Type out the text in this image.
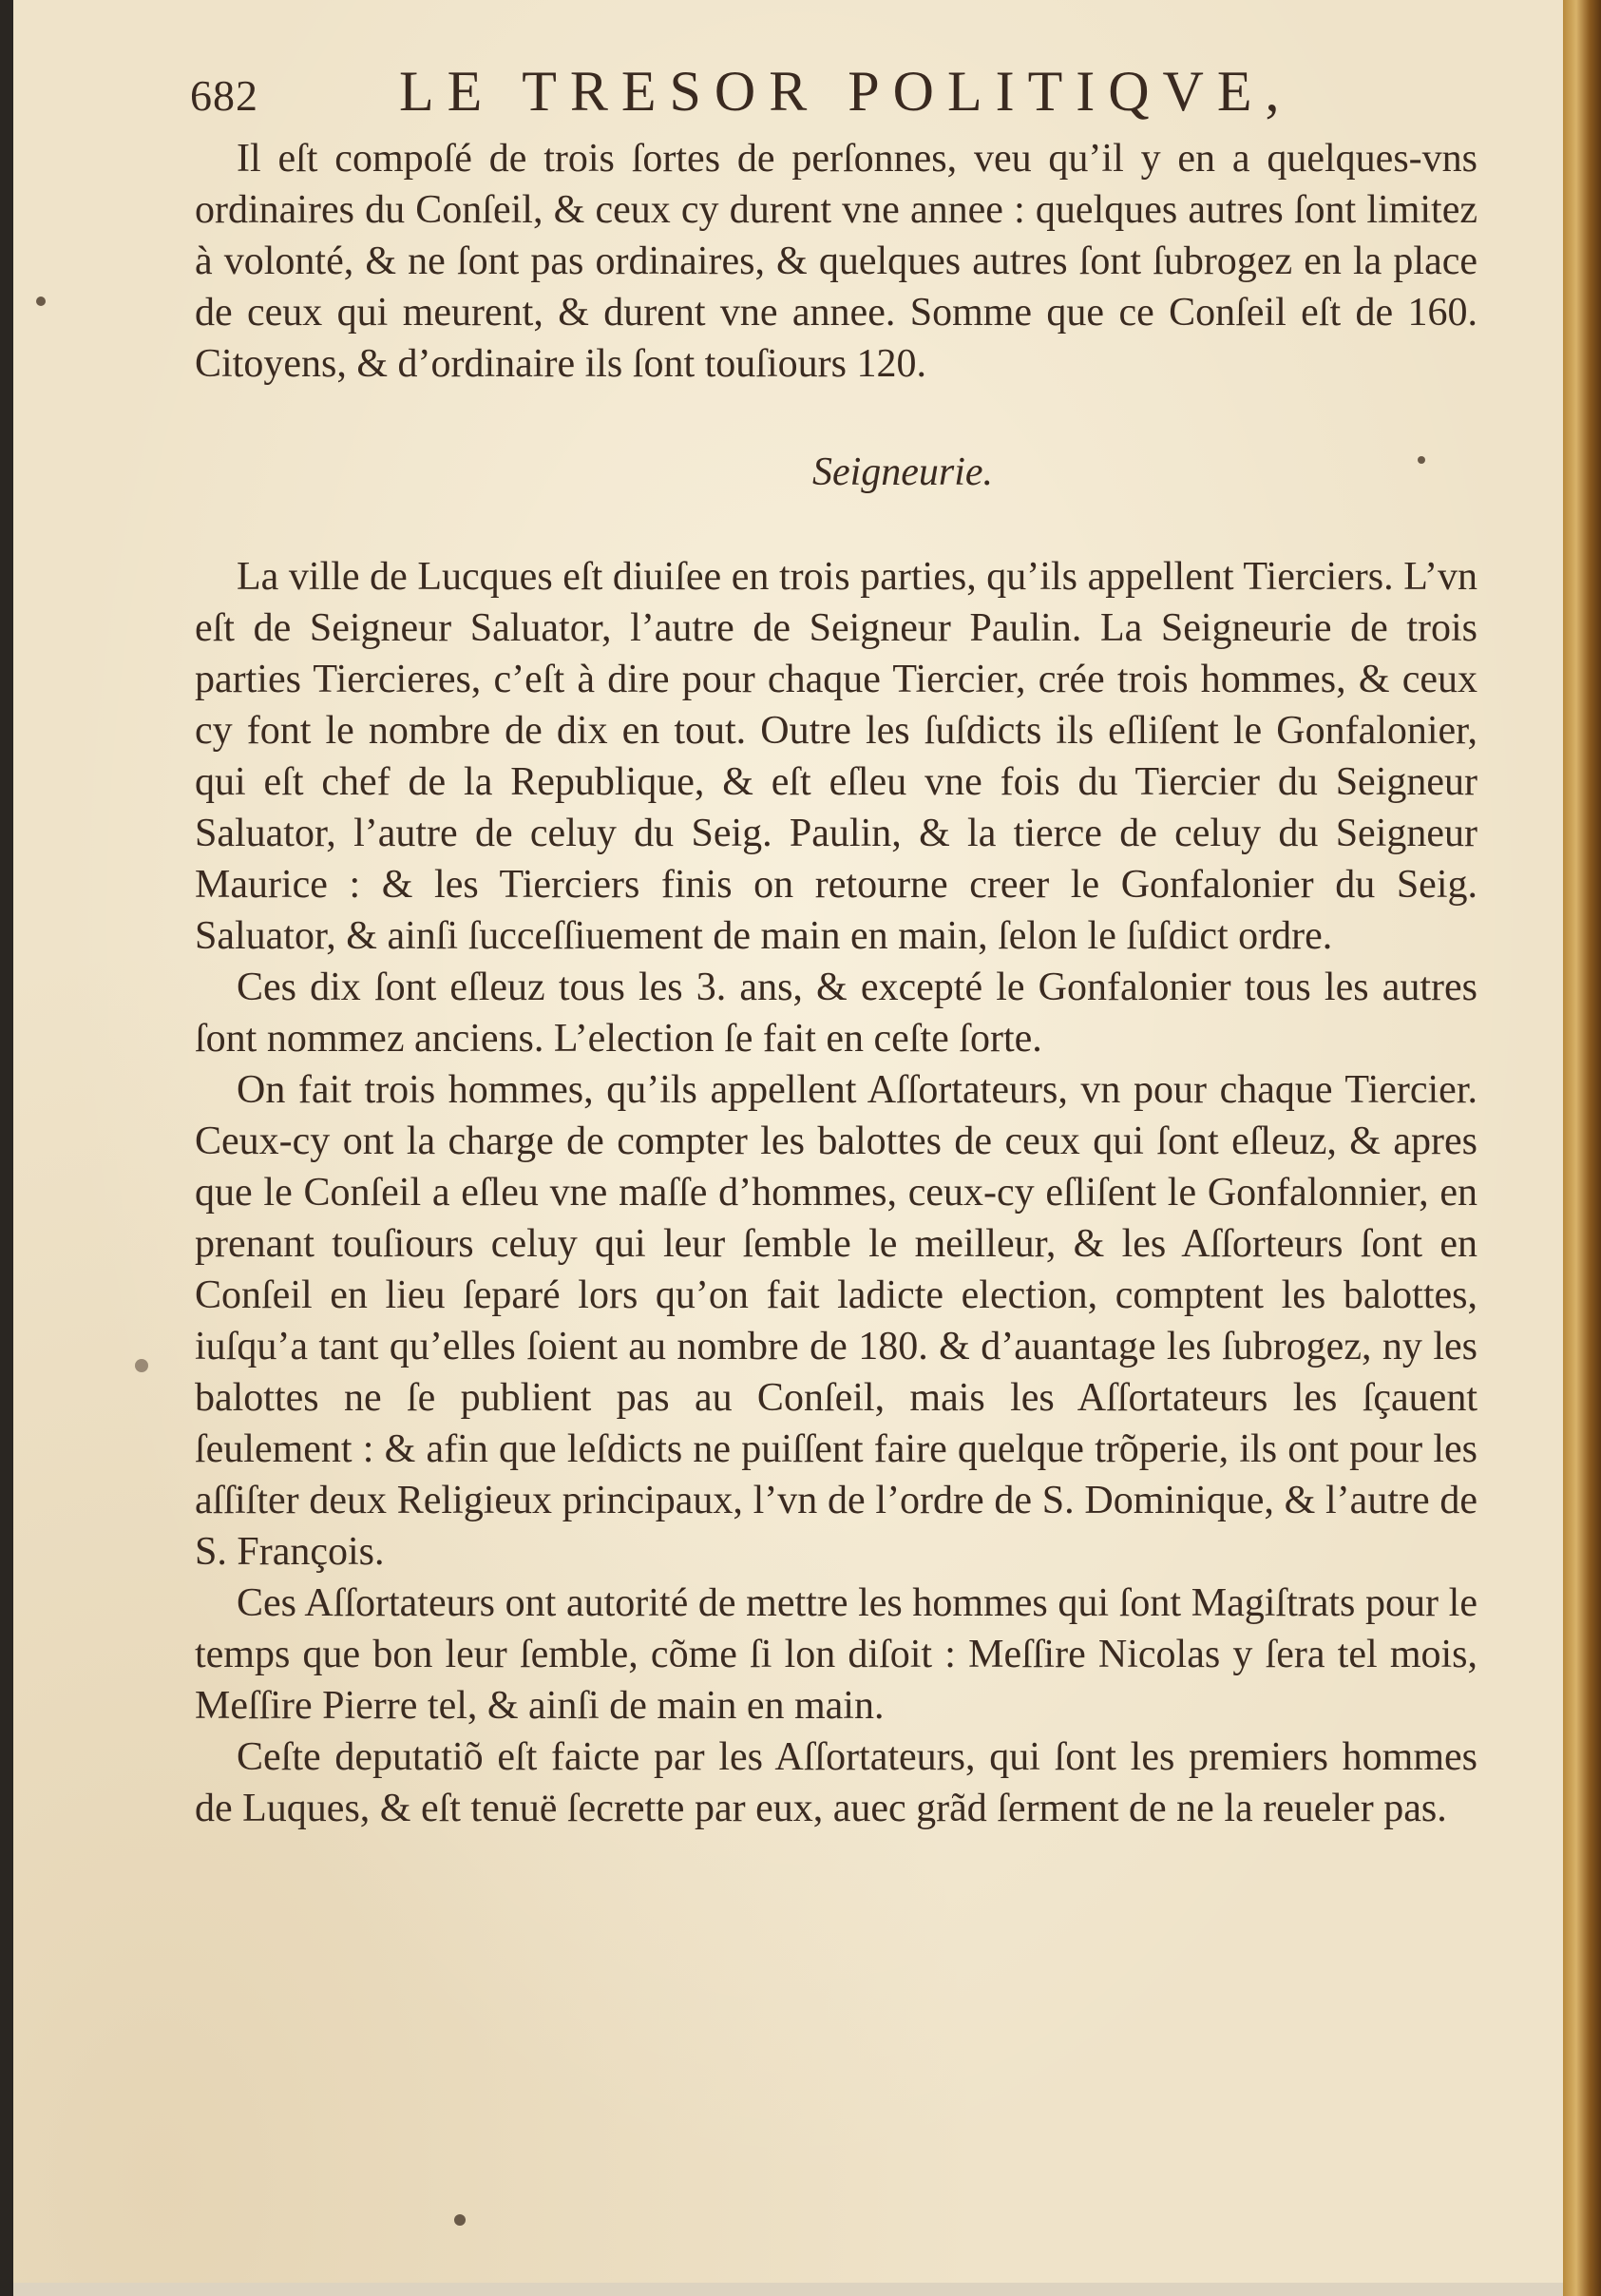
682 LE TRESOR POLITIQVE,

Il eſt compoſé de trois ſortes de perſonnes, veu qu’il y en a quelques-vns ordinaires du Conſeil, & ceux cy durent vne annee : quelques autres ſont limitez à volonté, & ne ſont pas ordinaires, & quelques autres ſont ſubrogez en la place de ceux qui meurent, & durent vne annee. Somme que ce Conſeil eſt de 160. Citoyens, & d’ordinaire ils ſont touſiours 120.

Seigneurie.

La ville de Lucques eſt diuiſee en trois parties, qu’ils appellent Tierciers. L’vn eſt de Seigneur Saluator, l’autre de Seigneur Paulin. La Seigneurie de trois parties Tiercieres, c’eſt à dire pour chaque Tiercier, crée trois hommes, & ceux cy font le nombre de dix en tout. Outre les ſuſdicts ils eſliſent le Gonfalonier, qui eſt chef de la Republique, & eſt eſleu vne fois du Tiercier du Seigneur Saluator, l’autre de celuy du Seig. Paulin, & la tierce de celuy du Seigneur Maurice : & les Tierciers finis on retourne creer le Gonfalonier du Seig. Saluator, & ainſi ſucceſſiuement de main en main, ſelon le ſuſdict ordre.

Ces dix ſont eſleuz tous les 3. ans, & excepté le Gonfalonier tous les autres ſont nommez anciens. L’election ſe fait en ceſte ſorte.

On fait trois hommes, qu’ils appellent Aſſortateurs, vn pour chaque Tiercier. Ceux-cy ont la charge de compter les balottes de ceux qui ſont eſleuz, & apres que le Conſeil a eſleu vne maſſe d’hommes, ceux-cy eſliſent le Gonfalonnier, en prenant touſiours celuy qui leur ſemble le meilleur, & les Aſſorteurs ſont en Conſeil en lieu ſeparé lors qu’on fait ladicte election, comptent les balottes, iuſqu’a tant qu’elles ſoient au nombre de 180. & d’auantage les ſubrogez, ny les balottes ne ſe publient pas au Conſeil, mais les Aſſortateurs les ſçauent ſeulement : & afin que leſdicts ne puiſſent faire quelque trõperie, ils ont pour les aſſiſter deux Religieux principaux, l’vn de l’ordre de S. Dominique, & l’autre de S. François.

Ces Aſſortateurs ont autorité de mettre les hommes qui ſont Magiſtrats pour le temps que bon leur ſemble, cõme ſi lon diſoit : Meſſire Nicolas y ſera tel mois, Meſſire Pierre tel, & ainſi de main en main.

Ceſte deputatiõ eſt faicte par les Aſſortateurs, qui ſont les premiers hommes de Luques, & eſt tenuë ſecrette par eux, auec grãd ſerment de ne la reueler pas.
